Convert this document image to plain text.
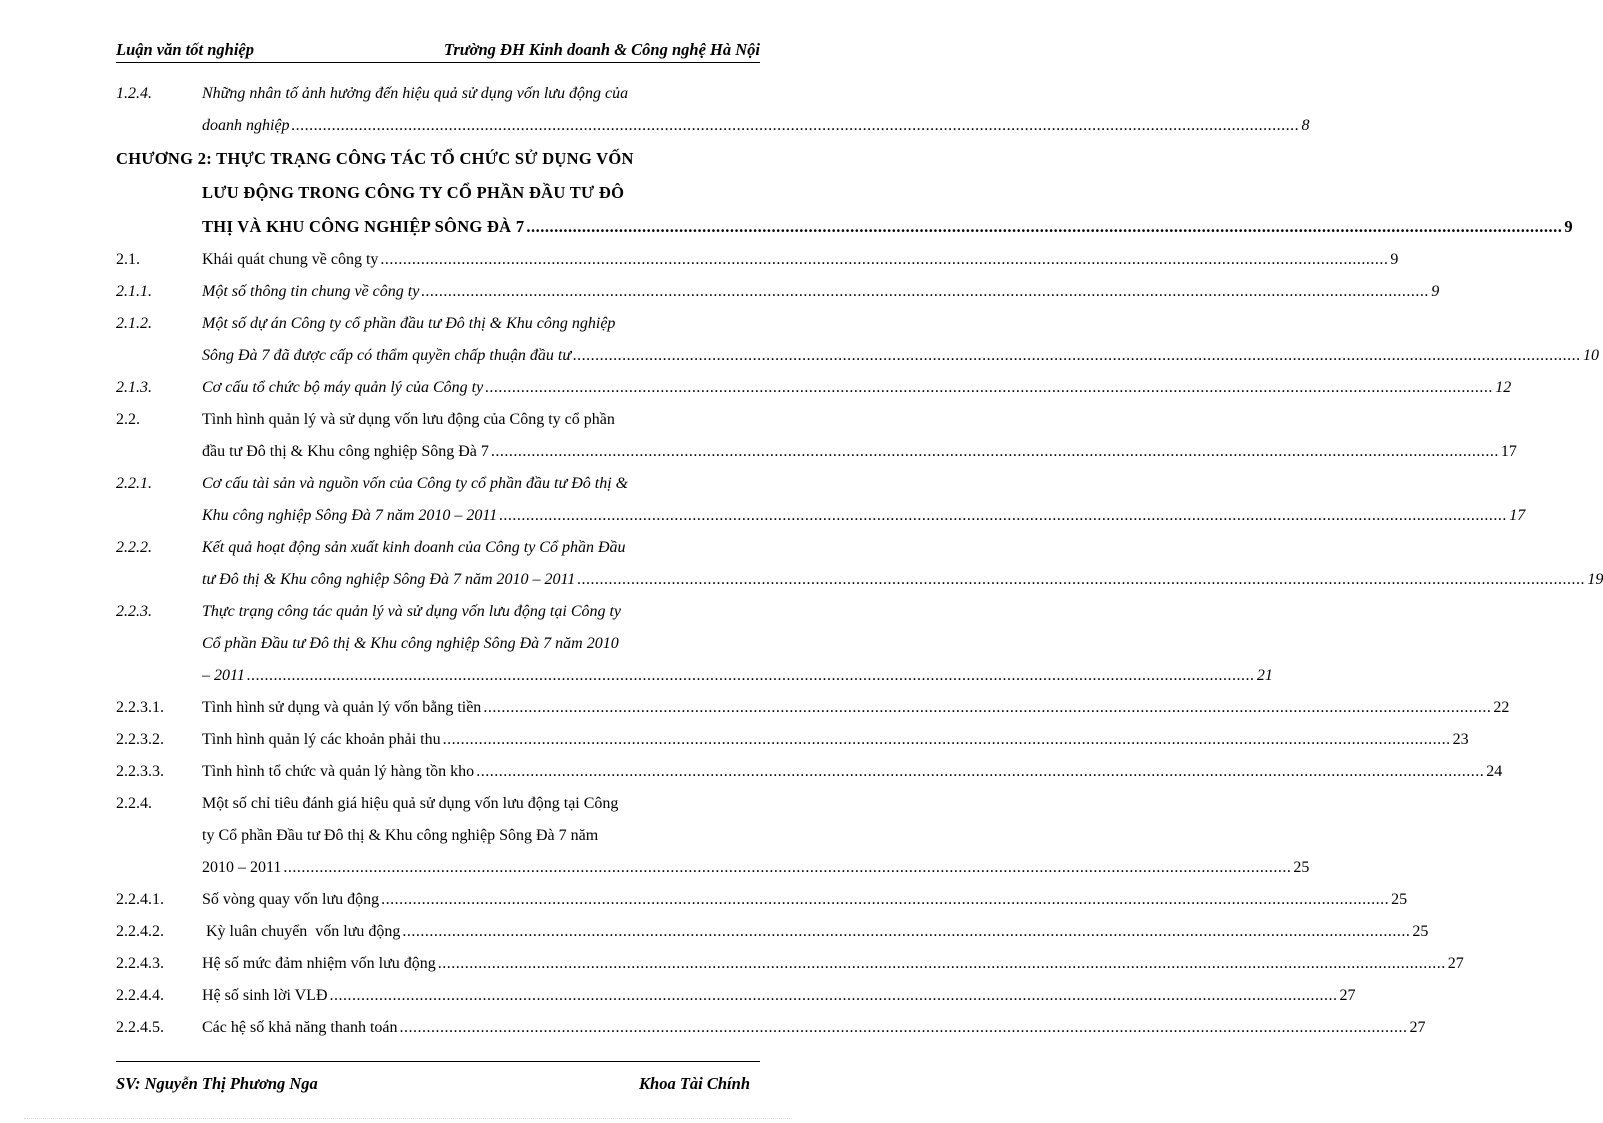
Luận văn tốt nghiệp	Trường ĐH Kinh doanh & Công nghệ Hà Nội
1.2.4.	Những nhân tố ảnh hưởng đến hiệu quả sử dụng vốn lưu động của
doanh nghiệp .....	8
CHƯƠNG 2: THỰC TRẠNG CÔNG TÁC TỔ CHỨC SỬ DỤNG VỐN
LƯU ĐỘNG TRONG CÔNG TY CỔ PHẦN ĐẦU TƯ ĐÔ
THỊ VÀ KHU CÔNG NGHIỆP SÔNG ĐÀ 7 .....	9
2.1.	Khái quát chung về công ty .....	9
2.1.1.	Một số thông tin chung về công ty .....	9
2.1.2.	Một số dự án Công ty cổ phần đầu tư Đô thị & Khu công nghiệp
Sông Đà 7 đã được cấp có thẩm quyền chấp thuận đầu tư .....	10
2.1.3.	Cơ cấu tổ chức bộ máy quản lý của Công ty .....	12
2.2.	Tình hình quản lý và sử dụng vốn lưu động của Công ty cổ phần
đầu tư Đô thị & Khu công nghiệp Sông Đà 7 .....	17
2.2.1.	Cơ cấu tài sản và nguồn vốn của Công ty cổ phần đầu tư Đô thị &
Khu công nghiệp Sông Đà 7 năm 2010 – 2011 .....	17
2.2.2.	Kết quả hoạt động sản xuất kinh doanh của Công ty Cổ phần Đầu
tư Đô thị & Khu công nghiệp Sông Đà 7 năm 2010 – 2011 .....	19
2.2.3.	Thực trạng công tác quản lý và sử dụng vốn lưu động tại Công ty
Cổ phần Đầu tư Đô thị & Khu công nghiệp Sông Đà 7 năm 2010
– 2011 .....	21
2.2.3.1. Tình hình sử dụng và quản lý vốn bằng tiền .....	22
2.2.3.2. Tình hình quản lý các khoản phải thu .....	23
2.2.3.3. Tình hình tổ chức và quản lý hàng tồn kho .....	24
2.2.4.	Một số chỉ tiêu đánh giá hiệu quả sử dụng vốn lưu động tại Công
ty Cổ phần Đầu tư Đô thị & Khu công nghiệp Sông Đà 7 năm
2010 – 2011 .....	25
2.2.4.1. Số vòng quay vốn lưu động .....	25
2.2.4.2. Kỳ luân chuyển  vốn lưu động .....	25
2.2.4.3. Hệ số mức đảm nhiệm vốn lưu động .....	27
2.2.4.4. Hệ số sinh lời VLĐ .....	27
2.2.4.5. Các hệ số khả năng thanh toán .....	27
SV: Nguyễn Thị Phương Nga	Khoa Tài Chính
